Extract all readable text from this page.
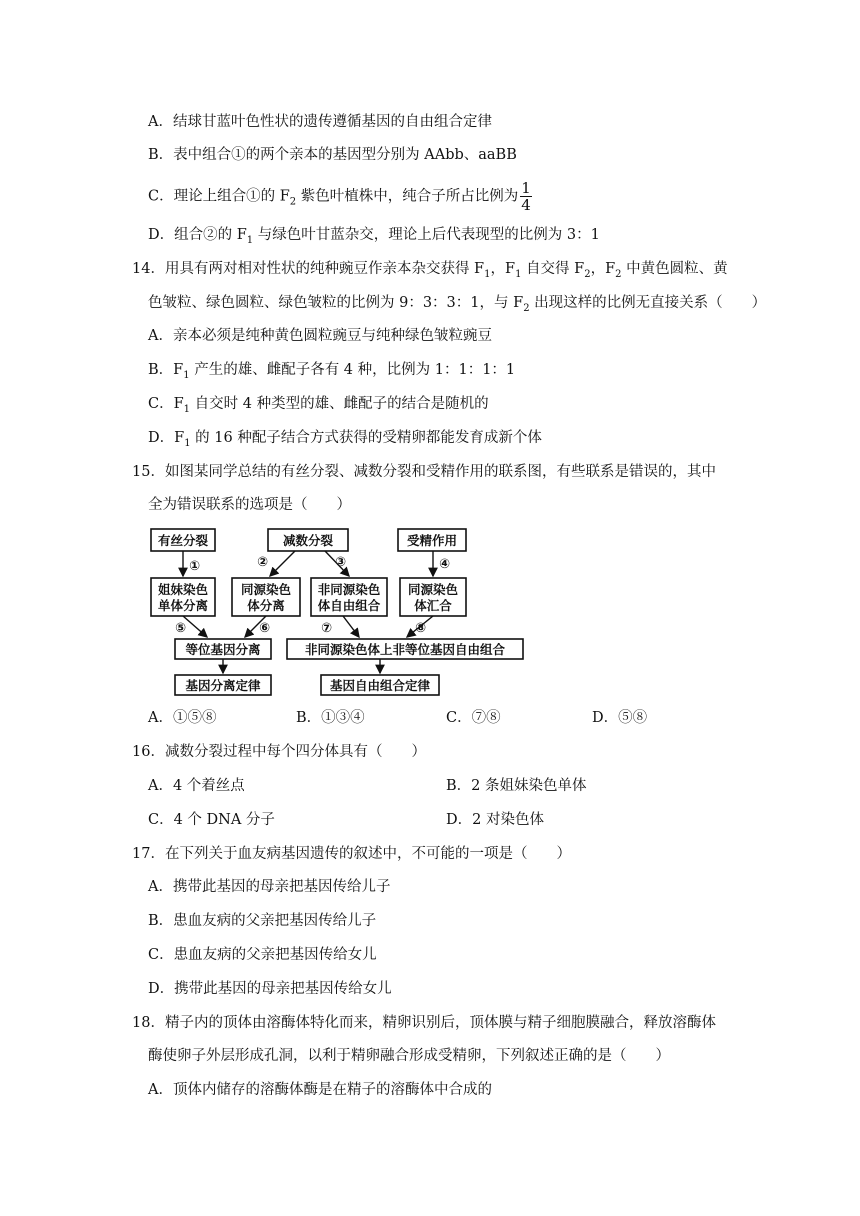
A．结球甘蓝叶色性状的遗传遵循基因的自由组合定律
B．表中组合①的两个亲本的基因型分别为 AAbb、aaBB
C．理论上组合①的 $F_2$ 紫色叶植株中，纯合子所占比例为 $\frac{1}{4}$
D．组合②的 $F_1$ 与绿色叶甘蓝杂交，理论上后代表现型的比例为 3：1
14．用具有两对相对性状的纯种豌豆作亲本杂交获得 $F_1$，$F_1$ 自交得 $F_2$，$F_2$ 中黄色圆粒、黄
色皱粒、绿色圆粒、绿色皱粒的比例为 9：3：3：1，与 $F_2$ 出现这样的比例无直接关系（　　）
A．亲本必须是纯种黄色圆粒豌豆与纯种绿色皱粒豌豆
B．$F_1$ 产生的雄、雌配子各有 4 种，比例为 1：1：1：1
C．$F_1$ 自交时 4 种类型的雄、雌配子的结合是随机的
D．$F_1$ 的 16 种配子结合方式获得的受精卵都能发育成新个体
15．如图某同学总结的有丝分裂、减数分裂和受精作用的联系图，有些联系是错误的，其中
全为错误联系的选项是（　　）
有丝分裂	减数分裂	受精作用
姐妹染色
单体分离
同源染色
体分离
非同源染色
体自由组合
同源染色
体汇合
等位基因分离	非同源染色体上非等位基因自由组合
基因分离定律	基因自由组合定律
①	②	③	④
⑤	⑥	⑦	⑧
A．①⑤⑧	B．①③④	C．⑦⑧	D．⑤⑧
16．减数分裂过程中每个四分体具有（　　）
A．4 个着丝点	B．2 条姐妹染色单体
C．4 个 DNA 分子	D．2 对染色体
17．在下列关于血友病基因遗传的叙述中，不可能的一项是（　　）
A．携带此基因的母亲把基因传给儿子
B．患血友病的父亲把基因传给儿子
C．患血友病的父亲把基因传给女儿
D．携带此基因的母亲把基因传给女儿
18．精子内的顶体由溶酶体特化而来，精卵识别后，顶体膜与精子细胞膜融合，释放溶酶体
酶使卵子外层形成孔洞，以利于精卵融合形成受精卵，下列叙述正确的是（　　）
A．顶体内储存的溶酶体酶是在精子的溶酶体中合成的
